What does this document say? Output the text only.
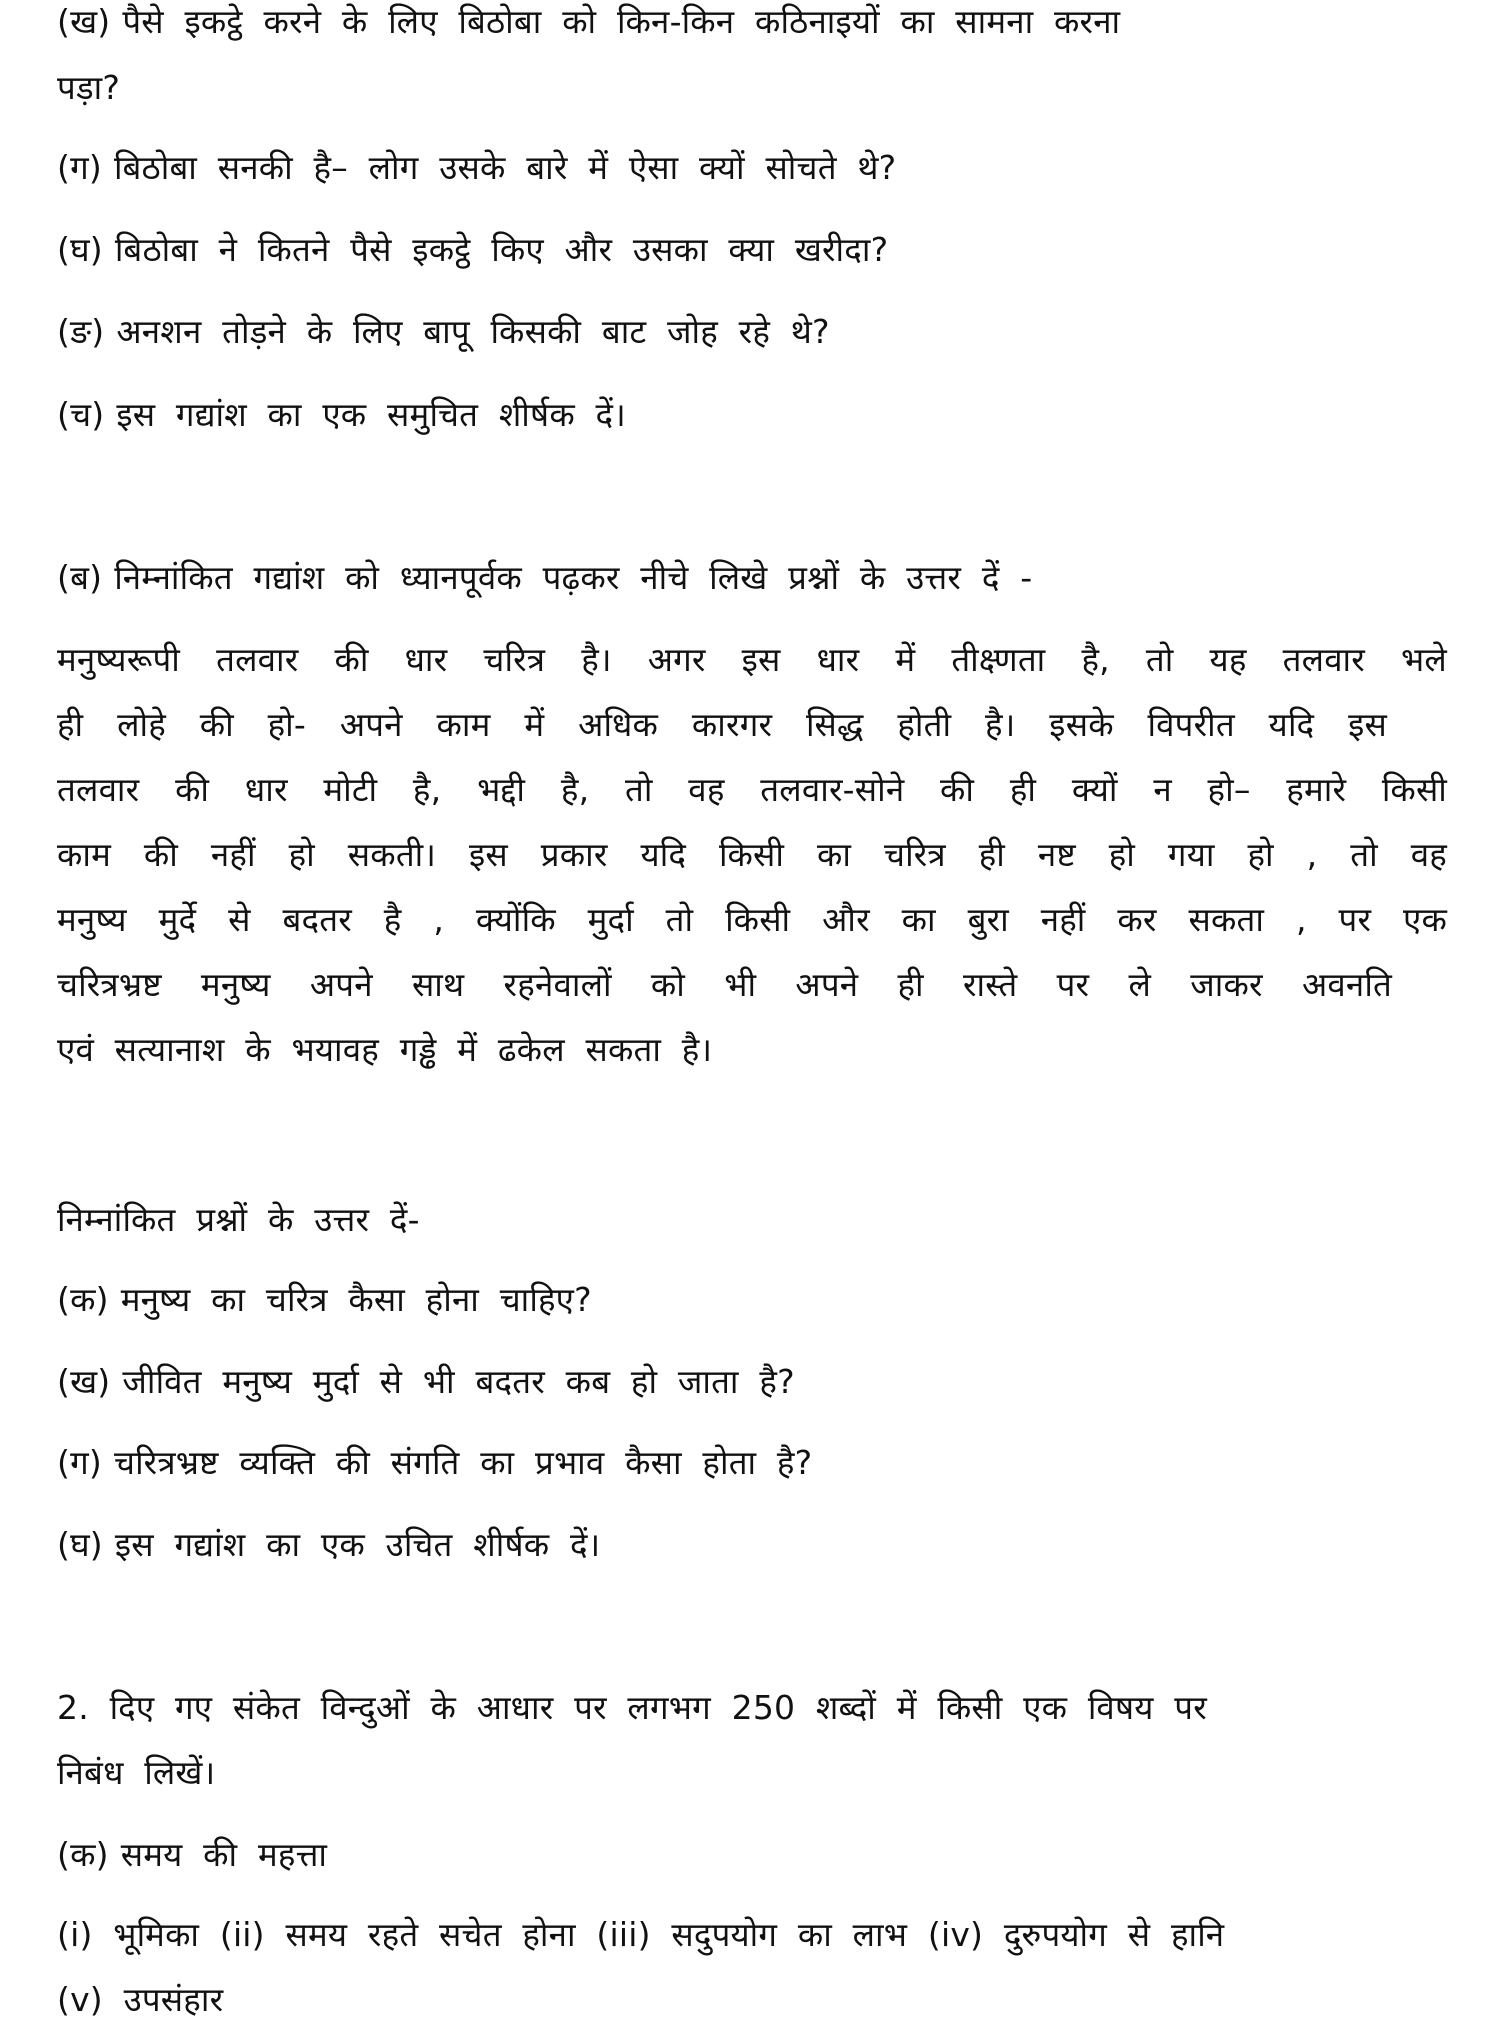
(ख) पैसे इकट्ठे करने के लिए बिठोबा को किन-किन कठिनाइयों का सामना करना
पड़ा?
(ग) बिठोबा सनकी है– लोग उसके बारे में ऐसा क्यों सोचते थे?
(घ) बिठोबा ने कितने पैसे इकट्ठे किए और उसका क्या खरीदा?
(ङ) अनशन तोड़ने के लिए बापू किसकी बाट जोह रहे थे?
(च) इस गद्यांश का एक समुचित शीर्षक दें।
(ब) निम्नांकित गद्यांश को ध्यानपूर्वक पढ़कर नीचे लिखे प्रश्नों के उत्तर दें -
मनुष्यरूपी तलवार की धार चरित्र है। अगर इस धार में तीक्ष्णता है, तो यह तलवार भले
ही लोहे की हो- अपने काम में अधिक कारगर सिद्ध होती है। इसके विपरीत यदि इस
तलवार की धार मोटी है, भद्दी है, तो वह तलवार-सोने की ही क्यों न हो– हमारे किसी
काम की नहीं हो सकती। इस प्रकार यदि किसी का चरित्र ही नष्ट हो गया हो , तो वह
मनुष्य मुर्दे से बदतर है , क्योंकि मुर्दा तो किसी और का बुरा नहीं कर सकता , पर एक
चरित्रभ्रष्ट मनुष्य अपने साथ रहनेवालों को भी अपने ही रास्ते पर ले जाकर अवनति
एवं सत्यानाश के भयावह गड्ढे में ढकेल सकता है।
निम्नांकित प्रश्नों के उत्तर दें-
(क) मनुष्य का चरित्र कैसा होना चाहिए?
(ख) जीवित मनुष्य मुर्दा से भी बदतर कब हो जाता है?
(ग) चरित्रभ्रष्ट व्यक्ति की संगति का प्रभाव कैसा होता है?
(घ) इस गद्यांश का एक उचित शीर्षक दें।
2. दिए गए संकेत विन्दुओं के आधार पर लगभग 250 शब्दों में किसी एक विषय पर
निबंध लिखें।
(क) समय की महत्ता
(i) भूमिका (ii) समय रहते सचेत होना (iii) सदुपयोग का लाभ (iv) दुरुपयोग से हानि
(v) उपसंहार
